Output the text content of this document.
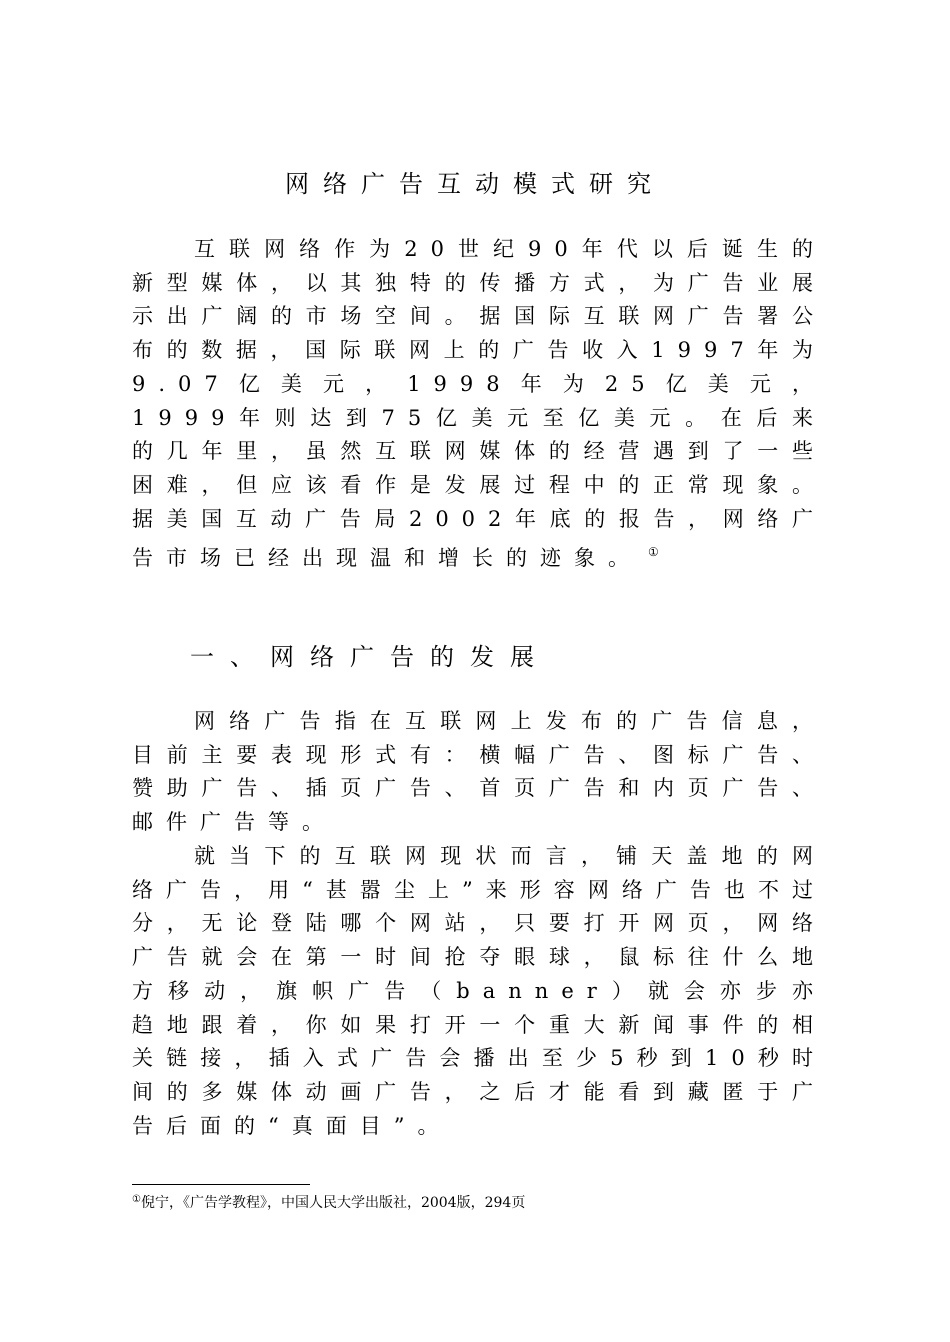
网络广告互动模式研究

互联网络作为20世纪90年代以后诞生的新型媒体，以其独特的传播方式，为广告业展示出广阔的市场空间。据国际互联网广告署公布的数据，国际联网上的广告收入1997年为9.07亿美元，1998年为25亿美元，1999年则达到75亿美元至亿美元。在后来的几年里，虽然互联网媒体的经营遇到了一些困难，但应该看作是发展过程中的正常现象。据美国互动广告局2002年底的报告，网络广告市场已经出现温和增长的迹象。 ①

一、网络广告的发展

网络广告指在互联网上发布的广告信息，目前主要表现形式有：横幅广告、图标广告、赞助广告、插页广告、首页广告和内页广告、邮件广告等。

就当下的互联网现状而言，铺天盖地的网络广告，用“甚嚣尘上”来形容网络广告也不过分，无论登陆哪个网站，只要打开网页，网络广告就会在第一时间抢夺眼球，鼠标往什么地方移动，旗帜广告（banner）就会亦步亦趋地跟着，你如果打开一个重大新闻事件的相关链接，插入式广告会播出至少5秒到10秒时间的多媒体动画广告，之后才能看到藏匿于广告后面的“真面目”。

①倪宁，《广告学教程》，中国人民大学出版社，2004版，294页
